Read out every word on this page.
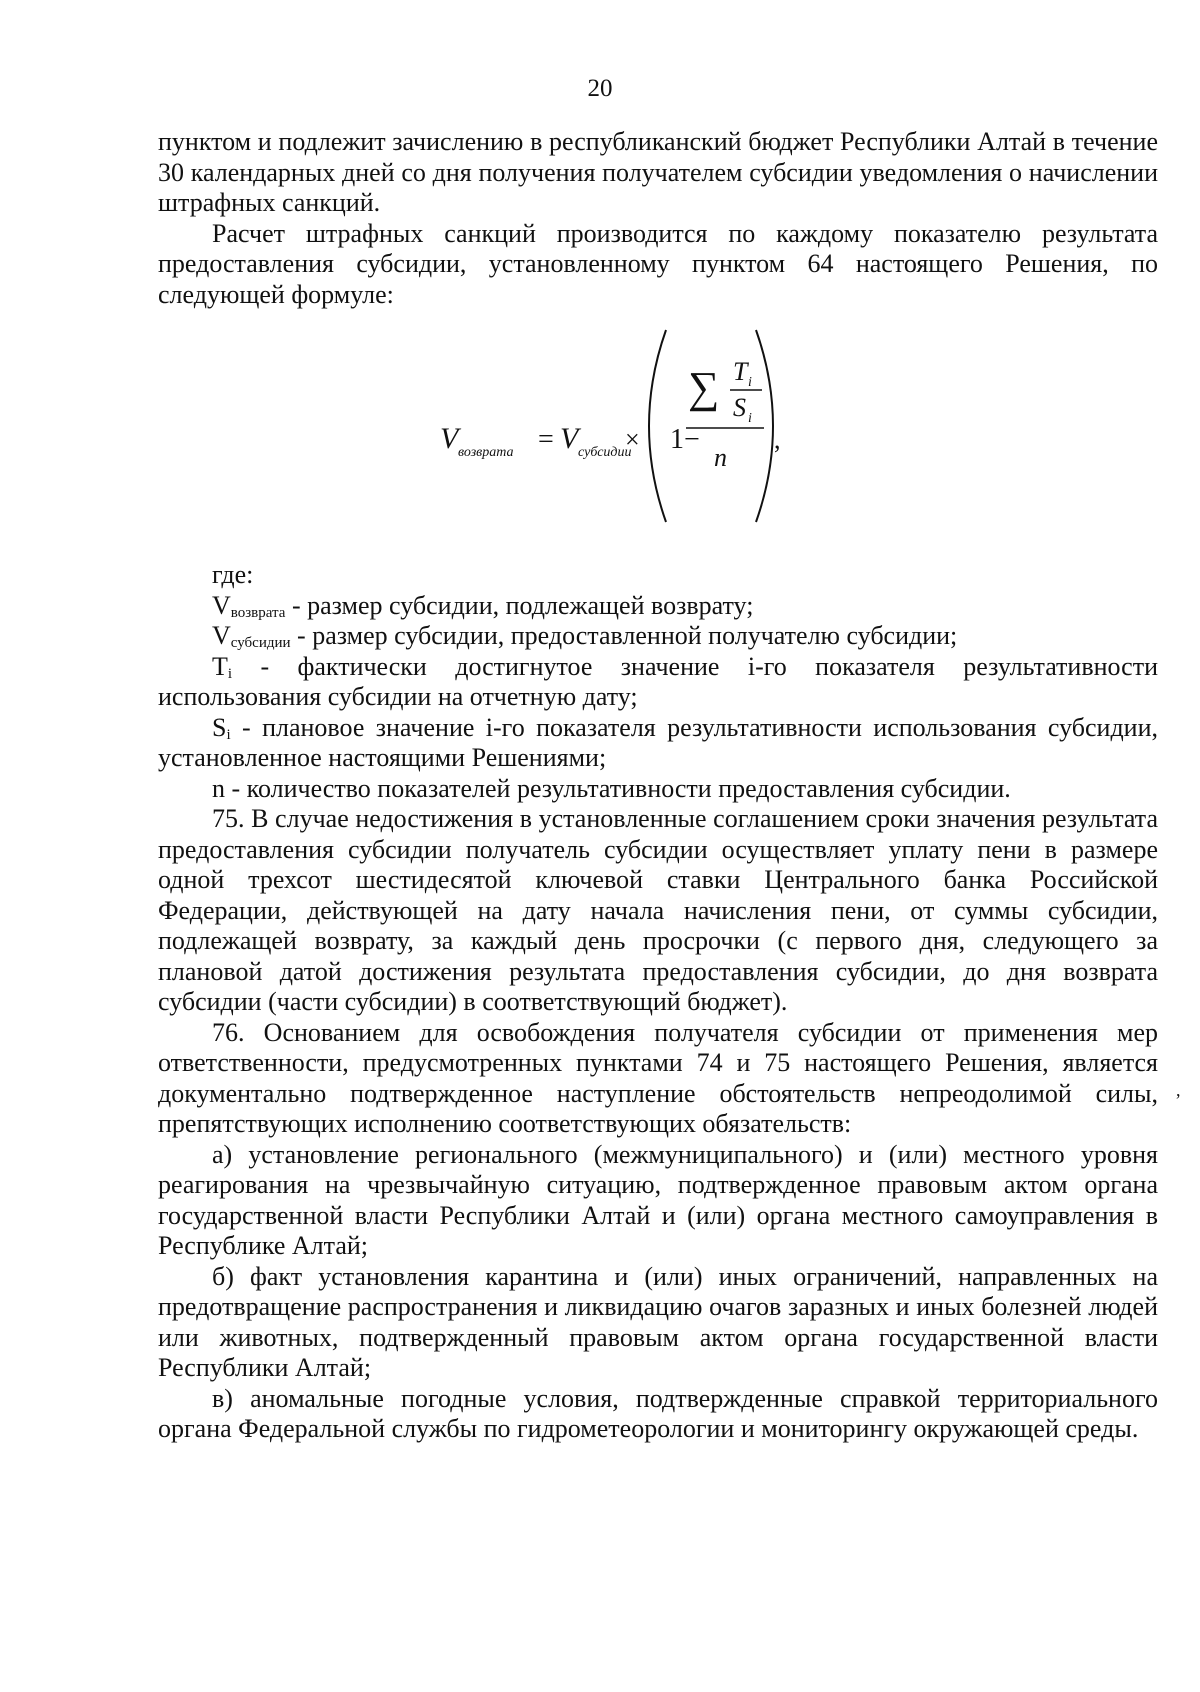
20
,

пунктом и подлежит зачислению в республиканский бюджет Республики Алтай в течение 30 календарных дней со дня получения получателем субсидии уведомления о начислении штрафных санкций.

Расчет штрафных санкций производится по каждому показателю результата предоставления субсидии, установленному пунктом 64 настоящего Решения, по следующей формуле:

V возврата = V субсидии
× 1−
∑ T i
S i
n
,

где:

$V_{возврата}$ - размер субсидии, подлежащей возврату;

$V_{субсидии}$ - размер субсидии, предоставленной получателю субсидии;

$T_i$ - фактически достигнутое значение i-го показателя результативности использования субсидии на отчетную дату;

$S_i$ - плановое значение i-го показателя результативности использования субсидии, установленное настоящими Решениями;

n - количество показателей результативности предоставления субсидии.

75. В случае недостижения в установленные соглашением сроки значения результата предоставления субсидии получатель субсидии осуществляет уплату пени в размере одной трехсот шестидесятой ключевой ставки Центрального банка Российской Федерации, действующей на дату начала начисления пени, от суммы субсидии, подлежащей возврату, за каждый день просрочки (с первого дня, следующего за плановой датой достижения результата предоставления субсидии, до дня возврата субсидии (части субсидии) в соответствующий бюджет).

76. Основанием для освобождения получателя субсидии от применения мер ответственности, предусмотренных пунктами 74 и 75 настоящего Решения, является документально подтвержденное наступление обстоятельств непреодолимой силы, препятствующих исполнению соответствующих обязательств:

а) установление регионального (межмуниципального) и (или) местного уровня реагирования на чрезвычайную ситуацию, подтвержденное правовым актом органа государственной власти Республики Алтай и (или) органа местного самоуправления в Республике Алтай;

б) факт установления карантина и (или) иных ограничений, направленных на предотвращение распространения и ликвидацию очагов заразных и иных болезней людей или животных, подтвержденный правовым актом органа государственной власти Республики Алтай;

в) аномальные погодные условия, подтвержденные справкой территориального органа Федеральной службы по гидрометеорологии и мониторингу окружающей среды.
